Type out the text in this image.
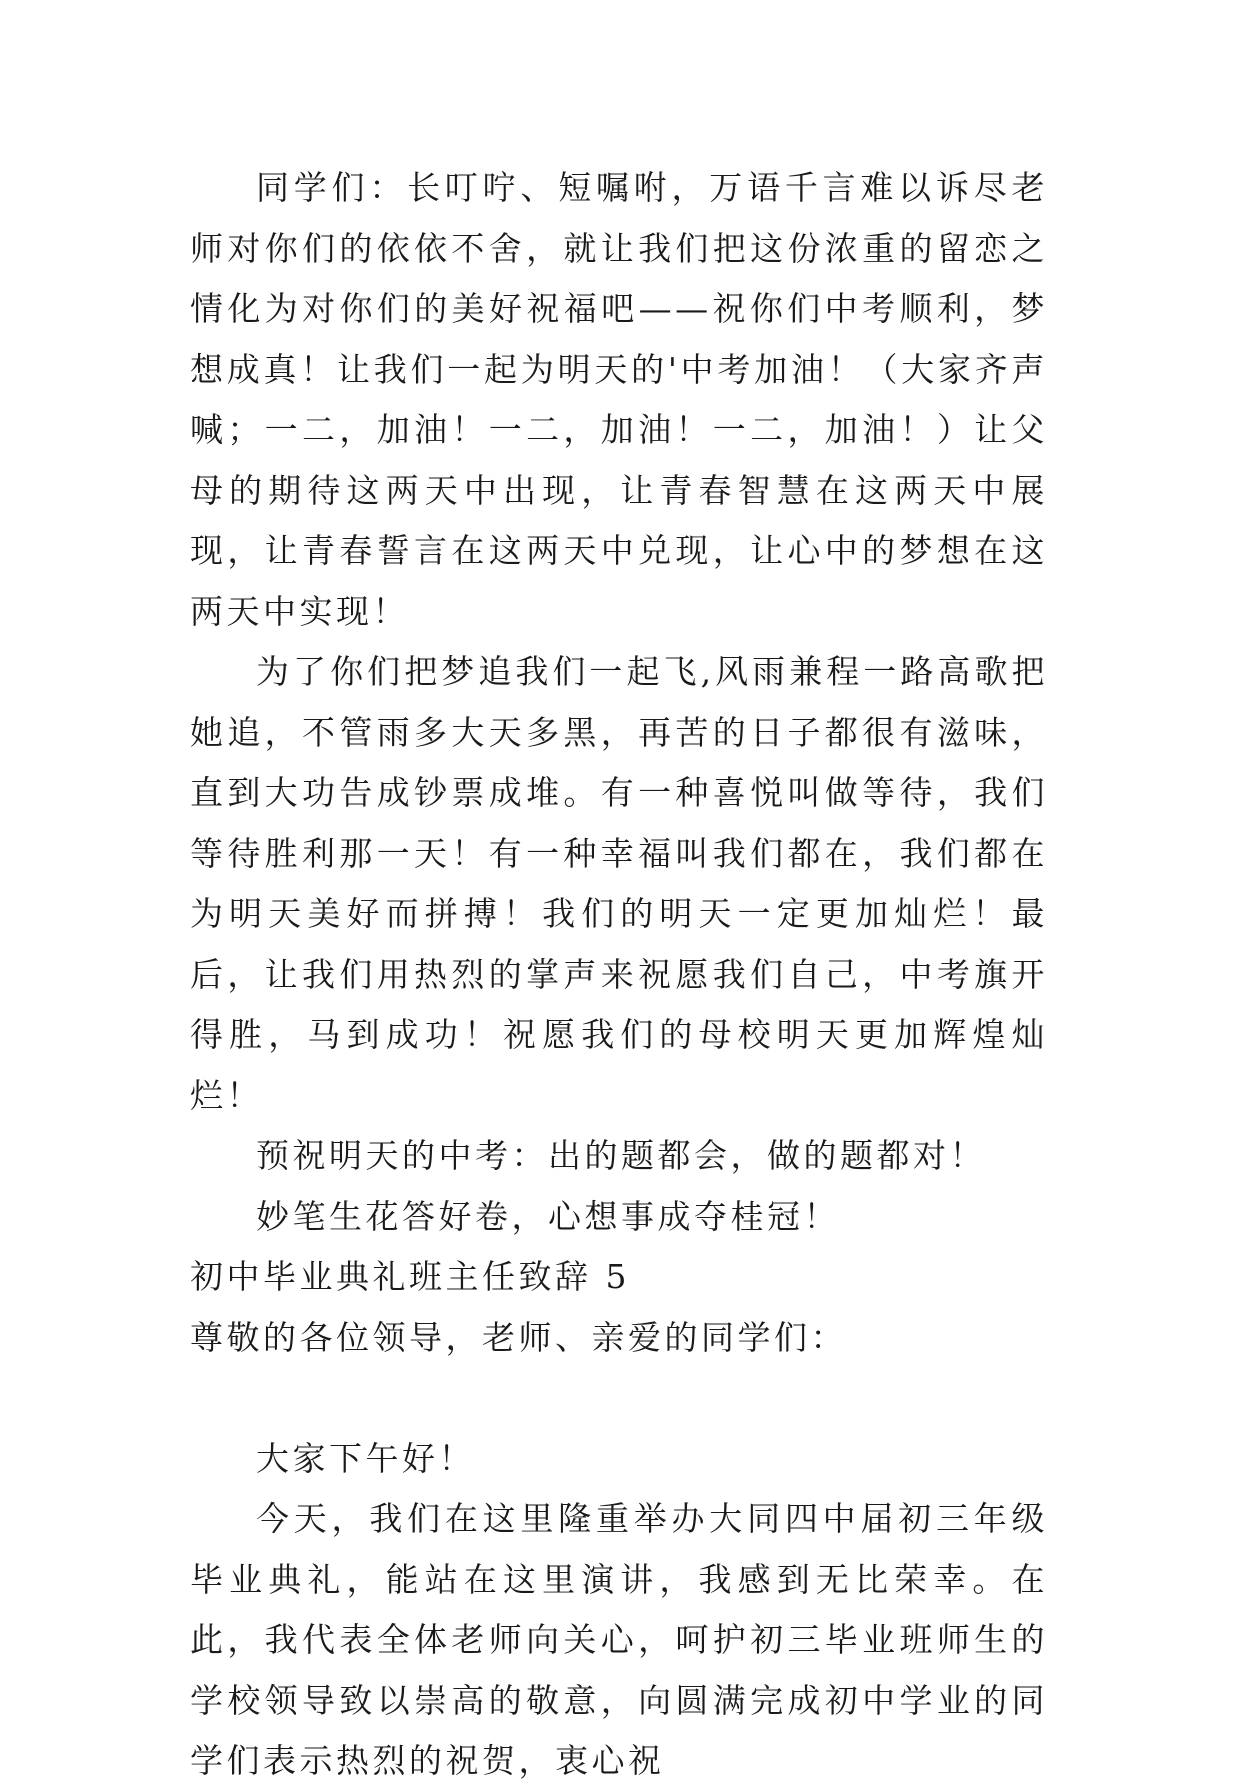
同学们：长叮咛、短嘱咐，万语千言难以诉尽老师对你们的依依不舍，就让我们把这份浓重的留恋之情化为对你们的美好祝福吧——祝你们中考顺利，梦想成真！让我们一起为明天的'中考加油！（大家齐声喊；一二，加油！一二，加油！一二，加油！）让父母的期待这两天中出现，让青春智慧在这两天中展现，让青春誓言在这两天中兑现，让心中的梦想在这两天中实现！

为了你们把梦追我们一起飞,风雨兼程一路高歌把她追，不管雨多大天多黑，再苦的日子都很有滋味，直到大功告成钞票成堆。有一种喜悦叫做等待，我们等待胜利那一天！有一种幸福叫我们都在，我们都在为明天美好而拼搏！我们的明天一定更加灿烂！最后，让我们用热烈的掌声来祝愿我们自己，中考旗开得胜，马到成功！祝愿我们的母校明天更加辉煌灿烂！

预祝明天的中考：出的题都会，做的题都对！

妙笔生花答好卷，心想事成夺桂冠！

初中毕业典礼班主任致辞 5

尊敬的各位领导，老师、亲爱的同学们：

大家下午好！

今天，我们在这里隆重举办大同四中届初三年级毕业典礼，能站在这里演讲，我感到无比荣幸。在此，我代表全体老师向关心，呵护初三毕业班师生的学校领导致以崇高的敬意，向圆满完成初中学业的同学们表示热烈的祝贺，衷心祝
